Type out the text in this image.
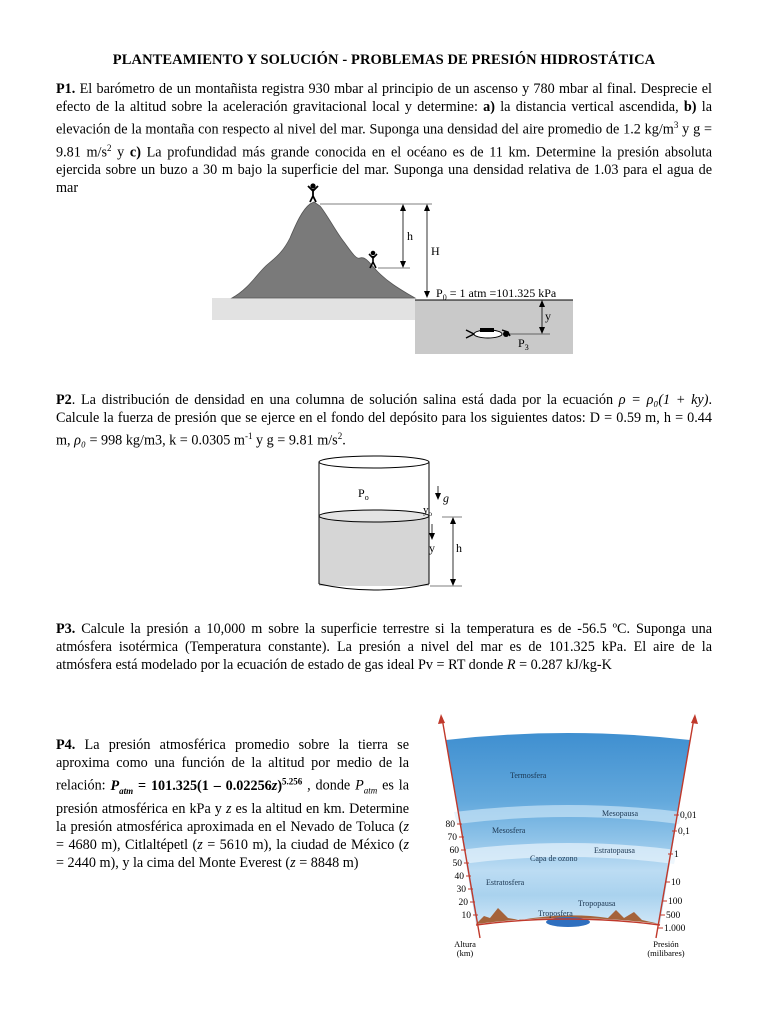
PLANTEAMIENTO Y SOLUCIÓN - PROBLEMAS DE PRESIÓN HIDROSTÁTICA
P1. El barómetro de un montañista registra 930 mbar al principio de un ascenso y 780 mbar al final. Desprecie el efecto de la altitud sobre la aceleración gravitacional local y determine: a) la distancia vertical ascendida, b) la elevación de la montaña con respecto al nivel del mar. Suponga una densidad del aire promedio de 1.2 $kg/m^3$ y g = 9.81 $m/s^2$ y c) La profundidad más grande conocida en el océano es de 11 km. Determine la presión absoluta ejercida sobre un buzo a 30 m bajo la superficie del mar. Suponga una densidad relativa de 1.03 para el agua de mar
h
H
$P_0 = 1$ atm =101.325 kPa
y
$P_3$
P2. La distribución de densidad en una columna de solución salina está dada por la ecuación ρ = ρ₀(1 + ky). Calcule la fuerza de presión que se ejerce en el fondo del depósito para los siguientes datos: D = 0.59 m, h = 0.44 m, ρ₀ = 998 kg/m3, k = 0.0305 $m^{-1}$ y g = 9.81 $m/s^2$.
$P_o$	g
$y_o$
y h
P3. Calcule la presión a 10,000 m sobre la superficie terrestre si la temperatura es de -56.5 ºC. Suponga una atmósfera isotérmica (Temperatura constante). La presión a nivel del mar es de 101.325 kPa. El aire de la atmósfera está modelado por la ecuación de estado de gas ideal Pv = RT donde R = 0.287 kJ/kg-K
P4. La presión atmosférica promedio sobre la tierra se aproxima como una función de la altitud por medio de la relación: $P_{atm} = 101.325(1 - 0.02256z)^{5.256}$ , donde $P_{atm}$ es la presión atmosférica en kPa y z es la altitud en km. Determine la presión atmosférica aproximada en el Nevado de Toluca (z = 4680 m), Citlaltépetl (z = 5610 m), la ciudad de México (z = 2440 m), y la cima del Monte Everest (z = 8848 m)
80
70
60
50
40
30
20
10
0,01
0,1
1
10
100
500
1.000
Termosfera
Mesopausa
Mesosfera
Estratopausa
Capa de ozono
Estratosfera
Tropopausa
Troposfera
Altura
(km)
Presión
(milibares)
